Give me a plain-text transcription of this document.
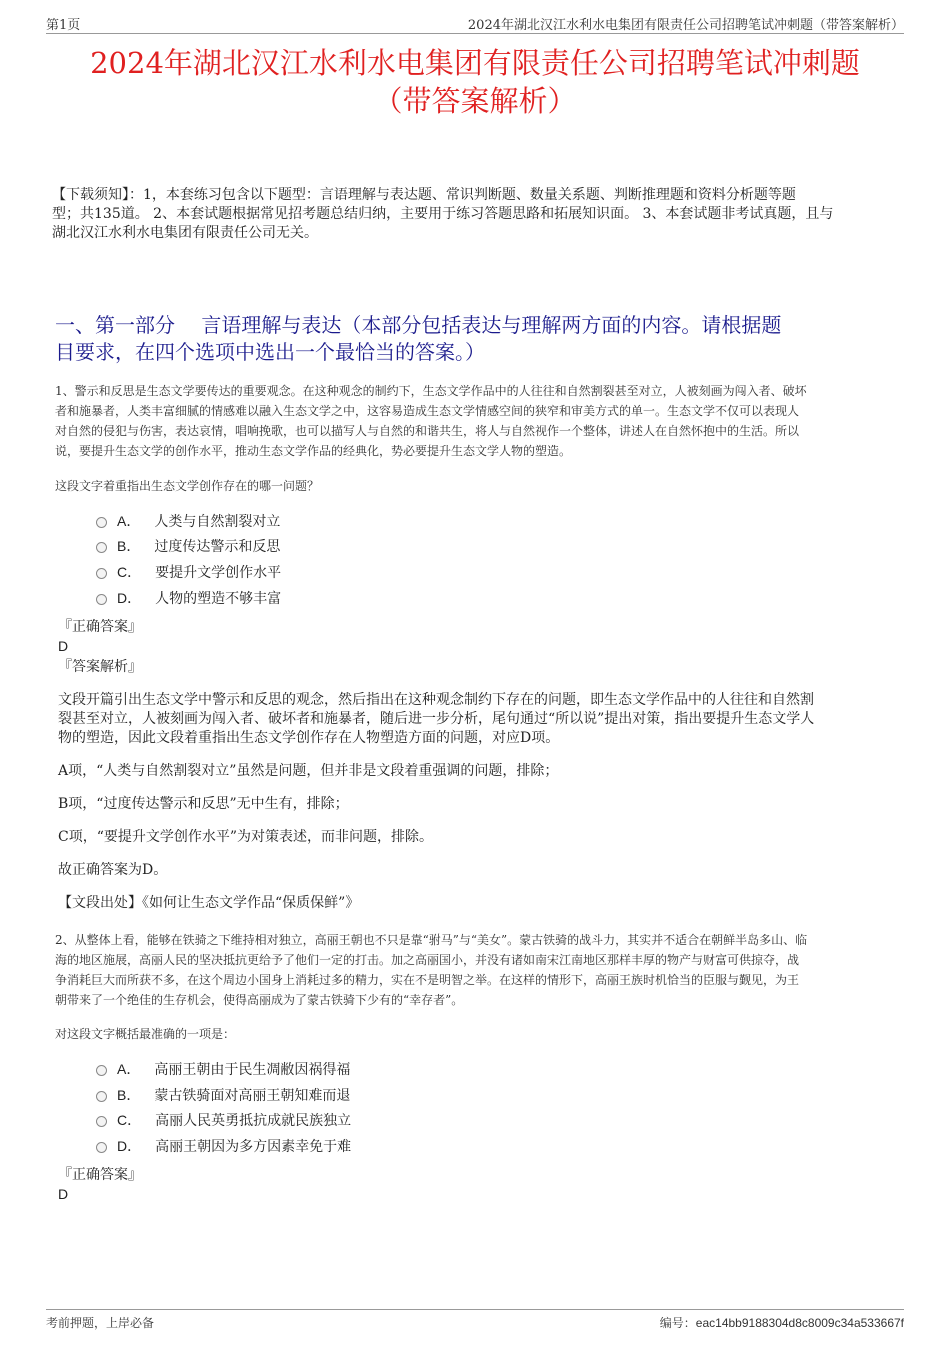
第1页	2024年湖北汉江水利水电集团有限责任公司招聘笔试冲刺题（带答案解析）
2024年湖北汉江水利水电集团有限责任公司招聘笔试冲刺题
（带答案解析）
【下载须知】：1，本套练习包含以下题型：言语理解与表达题、常识判断题、数量关系题、判断推理题和资料分析题等题
型；共135道。 2、本套试题根据常见招考题总结归纳，主要用于练习答题思路和拓展知识面。 3、本套试题非考试真题，且与
湖北汉江水利水电集团有限责任公司无关。
一、第一部分　 言语理解与表达（本部分包括表达与理解两方面的内容。请根据题
目要求，在四个选项中选出一个最恰当的答案。）
1、警示和反思是生态文学要传达的重要观念。在这种观念的制约下，生态文学作品中的人往往和自然割裂甚至对立，人被刻画为闯入者、破坏
者和施暴者，人类丰富细腻的情感难以融入生态文学之中，这容易造成生态文学情感空间的狭窄和审美方式的单一。生态文学不仅可以表现人
对自然的侵犯与伤害，表达哀情，唱响挽歌，也可以描写人与自然的和谐共生，将人与自然视作一个整体，讲述人在自然怀抱中的生活。所以
说，要提升生态文学的创作水平，推动生态文学作品的经典化，势必要提升生态文学人物的塑造。
这段文字着重指出生态文学创作存在的哪一问题？
A． 人类与自然割裂对立
B． 过度传达警示和反思
C． 要提升文学创作水平
D． 人物的塑造不够丰富
『正确答案』
D
『答案解析』
文段开篇引出生态文学中警示和反思的观念，然后指出在这种观念制约下存在的问题，即生态文学作品中的人往往和自然割
裂甚至对立，人被刻画为闯入者、破坏者和施暴者，随后进一步分析，尾句通过“所以说”提出对策，指出要提升生态文学人
物的塑造，因此文段着重指出生态文学创作存在人物塑造方面的问题，对应D项。
A项，“人类与自然割裂对立”虽然是问题，但并非是文段着重强调的问题，排除；
B项，“过度传达警示和反思”无中生有，排除；
C项，“要提升文学创作水平”为对策表述，而非问题，排除。
故正确答案为D。
【文段出处】《如何让生态文学作品“保质保鲜”》
2、从整体上看，能够在铁骑之下维持相对独立，高丽王朝也不只是靠“驸马”与“美女”。蒙古铁骑的战斗力，其实并不适合在朝鲜半岛多山、临
海的地区施展，高丽人民的坚决抵抗更给予了他们一定的打击。加之高丽国小，并没有诸如南宋江南地区那样丰厚的物产与财富可供掠夺，战
争消耗巨大而所获不多，在这个周边小国身上消耗过多的精力，实在不是明智之举。在这样的情形下，高丽王族时机恰当的臣服与觐见，为王
朝带来了一个绝佳的生存机会，使得高丽成为了蒙古铁骑下少有的“幸存者”。
对这段文字概括最准确的一项是：
A． 高丽王朝由于民生凋敝因祸得福
B． 蒙古铁骑面对高丽王朝知难而退
C． 高丽人民英勇抵抗成就民族独立
D． 高丽王朝因为多方因素幸免于难
『正确答案』
D
考前押题，上岸必备	编号：eac14bb9188304d8c8009c34a533667f
